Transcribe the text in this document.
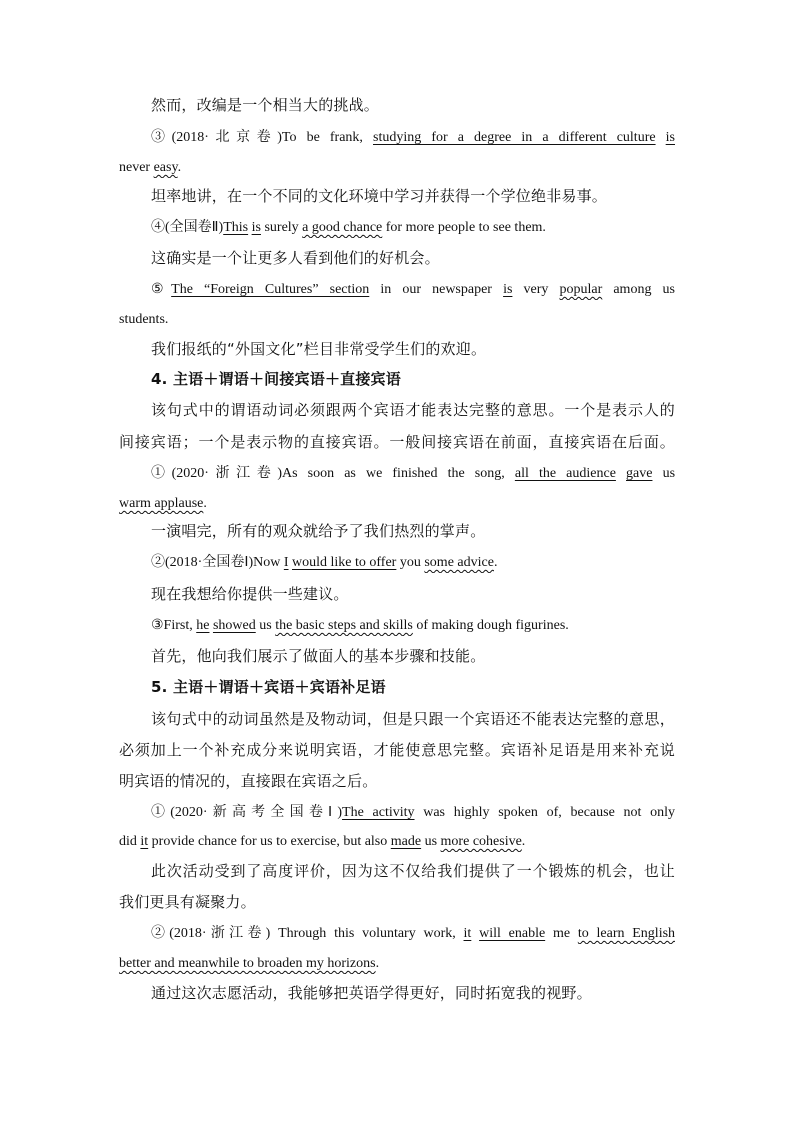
然而，改编是一个相当大的挑战。

③(2018·北京卷)To be frank, studying for a degree in a different culture is

never easy.

坦率地讲，在一个不同的文化环境中学习并获得一个学位绝非易事。

④(全国卷Ⅱ)This is surely a good chance for more people to see them.

这确实是一个让更多人看到他们的好机会。

⑤The “Foreign Cultures” section in our newspaper is very popular among us

students.

我们报纸的“外国文化”栏目非常受学生们的欢迎。

4. 主语＋谓语＋间接宾语＋直接宾语

该句式中的谓语动词必须跟两个宾语才能表达完整的意思。一个是表示人的

间接宾语；一个是表示物的直接宾语。一般间接宾语在前面，直接宾语在后面。

①(2020·浙江卷)As soon as we finished the song, all the audience gave us

warm applause.

一演唱完，所有的观众就给予了我们热烈的掌声。

②(2018·全国卷Ⅰ)Now I would like to offer you some advice.

现在我想给你提供一些建议。

③First, he showed us the basic steps and skills of making dough figurines.

首先，他向我们展示了做面人的基本步骤和技能。

5. 主语＋谓语＋宾语＋宾语补足语

该句式中的动词虽然是及物动词，但是只跟一个宾语还不能表达完整的意思，

必须加上一个补充成分来说明宾语，才能使意思完整。宾语补足语是用来补充说

明宾语的情况的，直接跟在宾语之后。

①(2020·新高考全国卷Ⅰ)The activity was highly spoken of, because not only

did it provide chance for us to exercise, but also made us more cohesive.

此次活动受到了高度评价，因为这不仅给我们提供了一个锻炼的机会，也让

我们更具有凝聚力。

②(2018·浙江卷) Through this voluntary work, it will enable me to learn English

better and meanwhile to broaden my horizons.

通过这次志愿活动，我能够把英语学得更好，同时拓宽我的视野。
